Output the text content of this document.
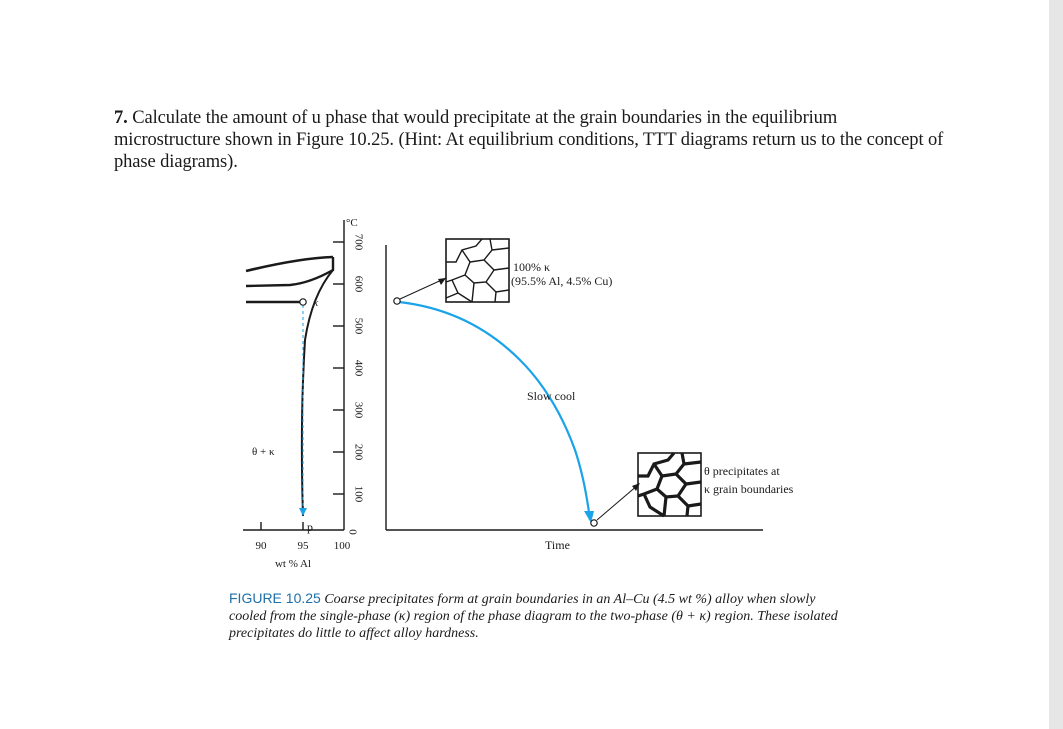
7. Calculate the amount of u phase that would precipitate at the grain boundaries in the equilibrium microstructure shown in Figure 10.25. (Hint: At equilibrium conditions, TTT diagrams return us to the concept of phase diagrams).
°C
700
600
500
400
300
200
100
0
κ
θ + κ
p
90	95 100
wt % Al
100% κ
(95.5% Al, 4.5% Cu)
θ precipitates at
κ grain boundaries
Slow cool
Time
FIGURE 10.25 Coarse precipitates form at grain boundaries in an Al–Cu (4.5 wt %) alloy when slowly cooled from the single-phase (κ) region of the phase diagram to the two-phase (θ + κ) region. These isolated precipitates do little to affect alloy hardness.
